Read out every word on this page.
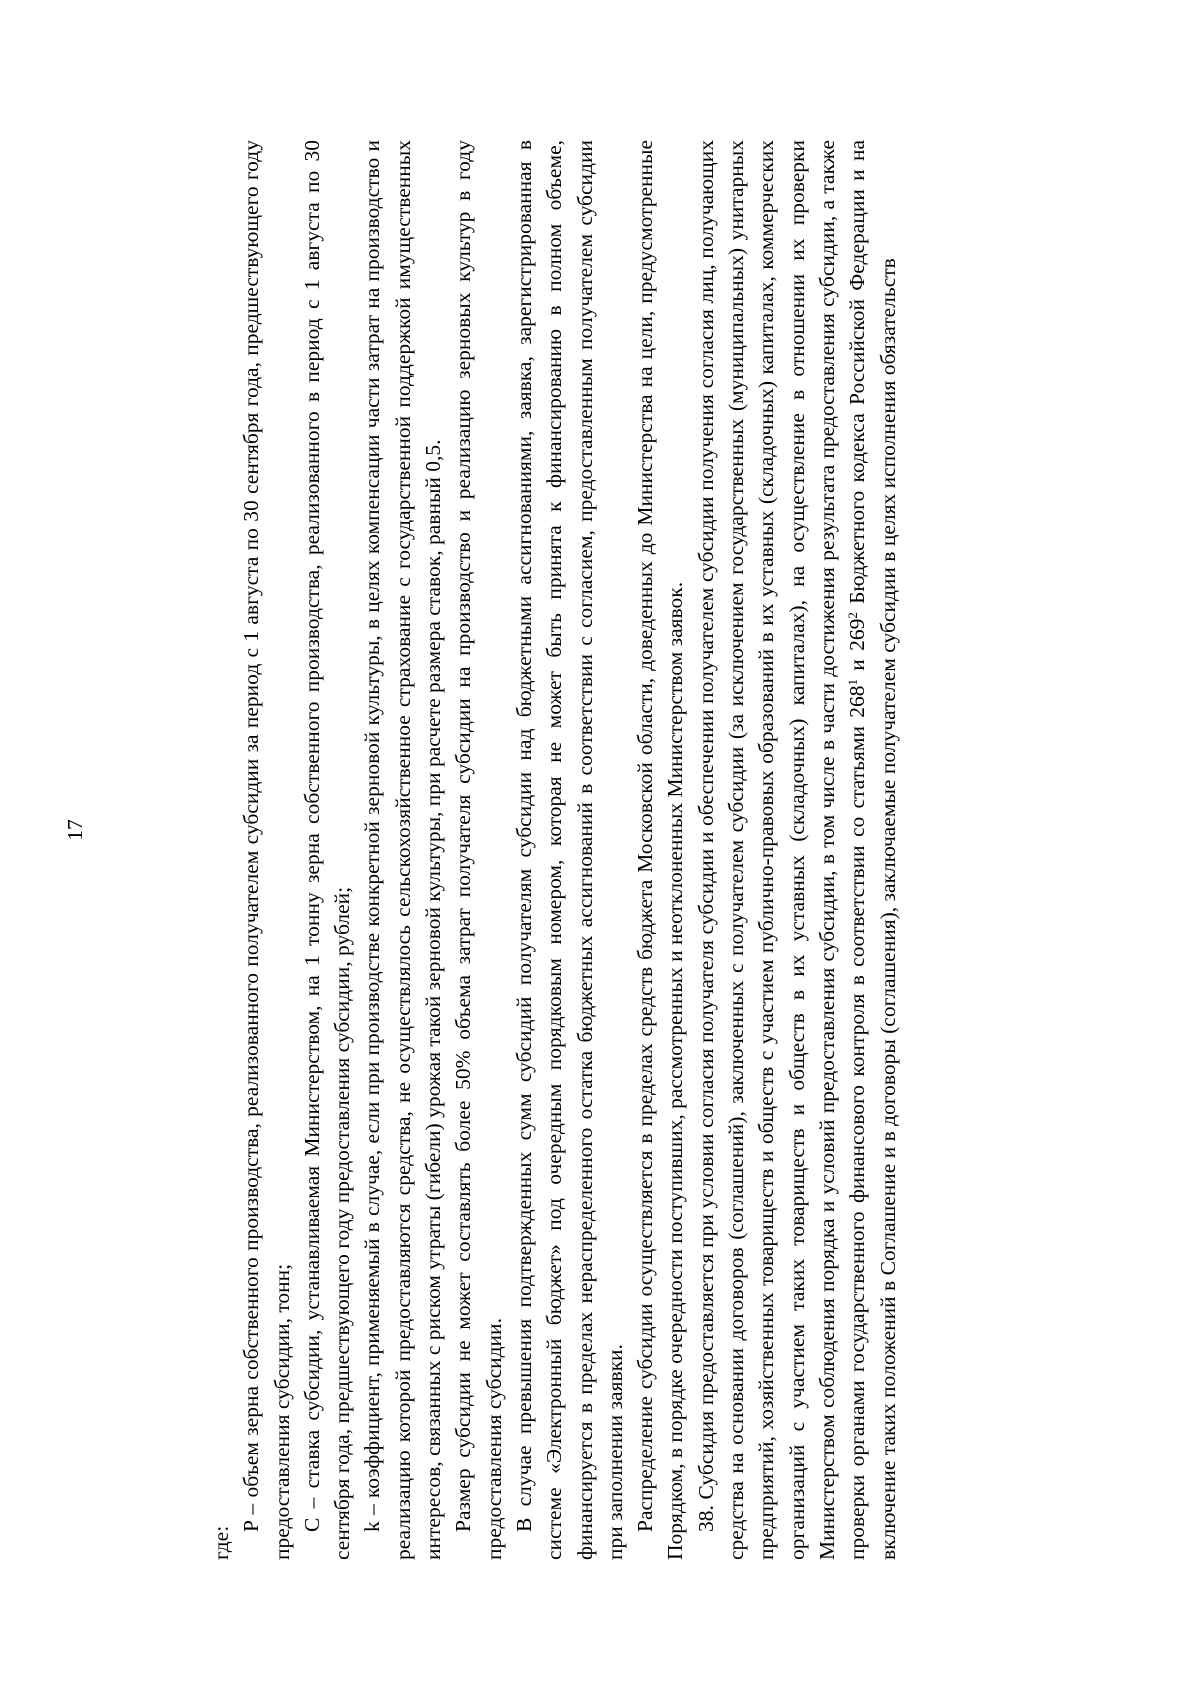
17

где:

P – объем зерна собственного производства, реализованного получателем субсидии за период с 1 августа по 30 сентября года, предшествующего году предоставления субсидии, тонн; C – ставка субсидии, устанавливаемая Министерством, на 1 тонну зерна собственного производства, реализованного в период с 1 августа по 30 сентября года, предшествующего году предоставления субсидии, рублей; k – коэффициент, применяемый в случае, если при производстве конкретной зерновой культуры, в целях компенсации части затрат на производство и реализацию которой предоставляются средства, не осуществлялось сельскохозяйственное страхование с государственной поддержкой имущественных интересов, связанных с риском утраты (гибели) урожая такой зерновой культуры, при расчете размера ставок, равный 0,5. Размер субсидии не может составлять более 50% объема затрат получателя субсидии на производство и реализацию зерновых культур в году предоставления субсидии. В случае превышения подтвержденных сумм субсидий получателям субсидии над бюджетными ассигнованиями, заявка, зарегистрированная в системе «Электронный бюджет» под очередным порядковым номером, которая не может быть принята к финансированию в полном объеме, финансируется в пределах нераспределенного остатка бюджетных ассигнований в соответствии с согласием, предоставленным получателем субсидии при заполнении заявки. Распределение субсидии осуществляется в пределах средств бюджета Московской области, доведенных до Министерства на цели, предусмотренные Порядком, в порядке очередности поступивших, рассмотренных и неотклоненных Министерством заявок. 38. Субсидия предоставляется при условии согласия получателя субсидии и обеспечении получателем субсидии получения согласия лиц, получающих средства на основании договоров (соглашений), заключенных с получателем субсидии (за исключением государственных (муниципальных) унитарных предприятий, хозяйственных товариществ и обществ с участием публично-правовых образований в их уставных (складочных) капиталах, коммерческих организаций с участием таких товариществ и обществ в их уставных (складочных) капиталах), на осуществление в отношении их проверки Министерством соблюдения порядка и условий предоставления субсидии, в том числе в части достижения результата предоставления субсидии, а также проверки органами государственного финансового контроля в соответствии со статьями $268^1$ и $269^2$ Бюджетного кодекса Российской Федерации и на включение таких положений в Соглашение и в договоры (соглашения), заключаемые получателем субсидии в целях исполнения обязательств
